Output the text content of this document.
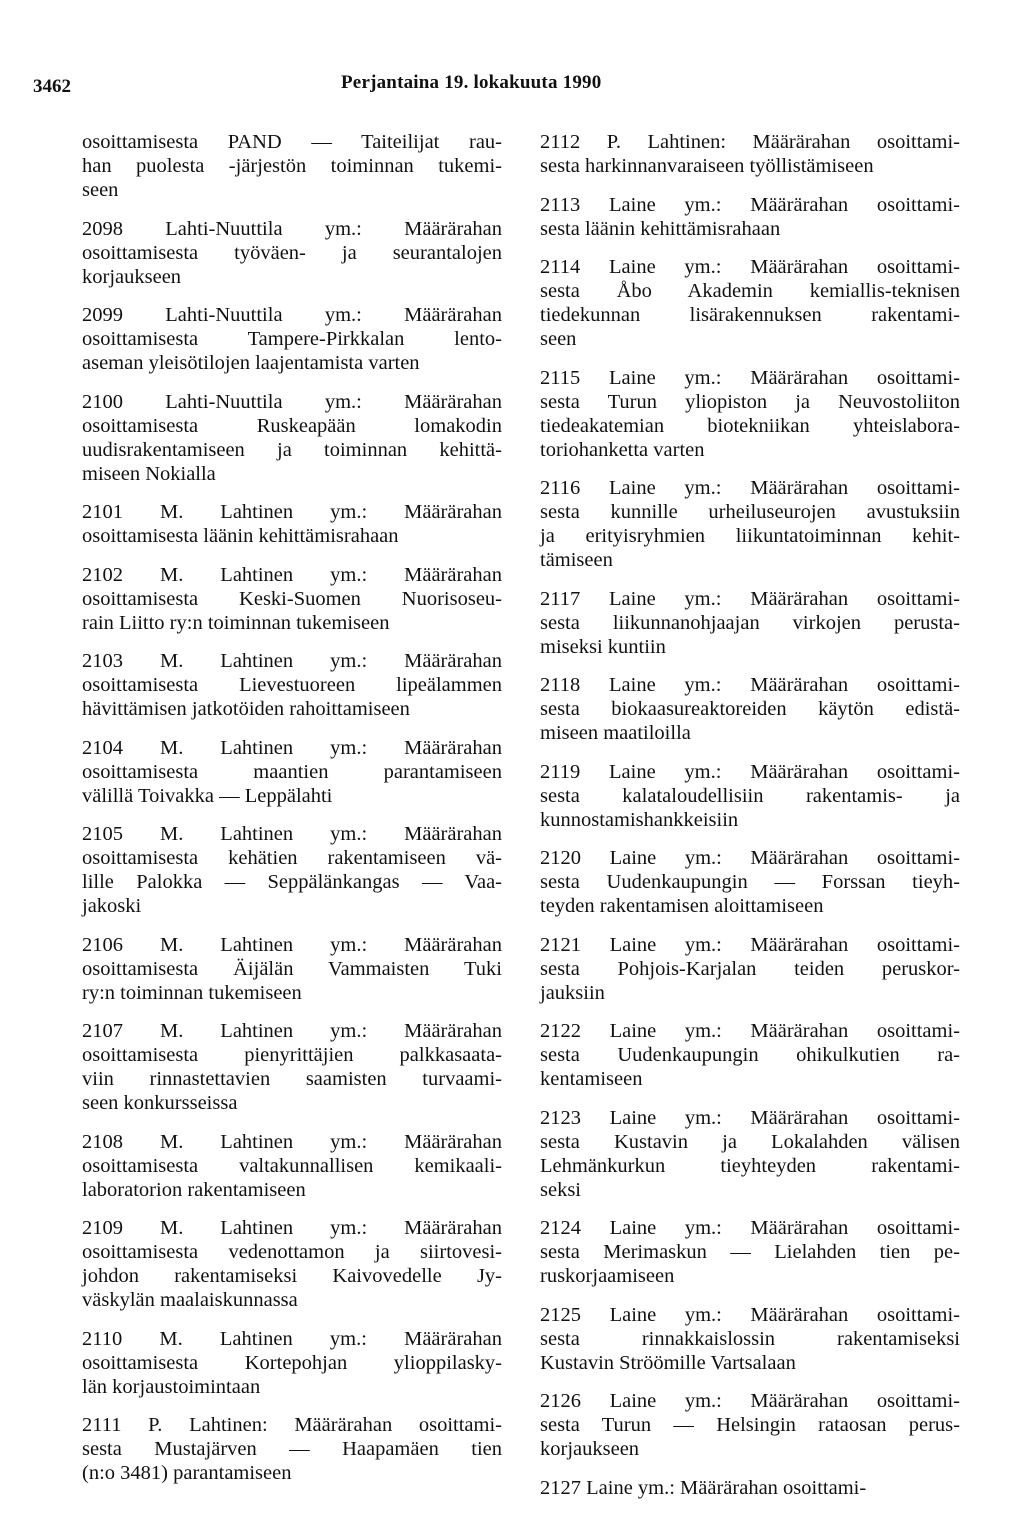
3462	Perjantaina 19. lokakuuta 1990
osoittamisesta PAND — Taiteilijat rau-
han puolesta -järjestön toiminnan tukemi-
seen
2098 Lahti-Nuuttila ym.: Määrärahan
osoittamisesta työväen- ja seurantalojen
korjaukseen
2099 Lahti-Nuuttila ym.: Määrärahan
osoittamisesta Tampere-Pirkkalan lento-
aseman yleisötilojen laajentamista varten
2100 Lahti-Nuuttila ym.: Määrärahan
osoittamisesta Ruskeapään lomakodin
uudisrakentamiseen ja toiminnan kehittä-
miseen Nokialla
2101 M. Lahtinen ym.: Määrärahan
osoittamisesta läänin kehittämisrahaan
2102 M. Lahtinen ym.: Määrärahan
osoittamisesta Keski-Suomen Nuorisoseu-
rain Liitto ry:n toiminnan tukemiseen
2103 M. Lahtinen ym.: Määrärahan
osoittamisesta Lievestuoreen lipeälammen
hävittämisen jatkotöiden rahoittamiseen
2104 M. Lahtinen ym.: Määrärahan
osoittamisesta maantien parantamiseen
välillä Toivakka — Leppälahti
2105 M. Lahtinen ym.: Määrärahan
osoittamisesta kehätien rakentamiseen vä-
lille Palokka — Seppälänkangas — Vaa-
jakoski
2106 M. Lahtinen ym.: Määrärahan
osoittamisesta Äijälän Vammaisten Tuki
ry:n toiminnan tukemiseen
2107 M. Lahtinen ym.: Määrärahan
osoittamisesta pienyrittäjien palkkasaata-
viin rinnastettavien saamisten turvaami-
seen konkursseissa
2108 M. Lahtinen ym.: Määrärahan
osoittamisesta valtakunnallisen kemikaali-
laboratorion rakentamiseen
2109 M. Lahtinen ym.: Määrärahan
osoittamisesta vedenottamon ja siirtovesi-
johdon rakentamiseksi Kaivovedelle Jy-
väskylän maalaiskunnassa
2110 M. Lahtinen ym.: Määrärahan
osoittamisesta Kortepohjan ylioppilasky-
län korjaustoimintaan
2111 P. Lahtinen: Määrärahan osoittami-
sesta Mustajärven — Haapamäen tien
(n:o 3481) parantamiseen
2112 P. Lahtinen: Määrärahan osoittami-
sesta harkinnanvaraiseen työllistämiseen
2113 Laine ym.: Määrärahan osoittami-
sesta läänin kehittämisrahaan
2114 Laine ym.: Määrärahan osoittami-
sesta Åbo Akademin kemiallis-teknisen
tiedekunnan lisärakennuksen rakentami-
seen
2115 Laine ym.: Määrärahan osoittami-
sesta Turun yliopiston ja Neuvostoliiton
tiedeakatemian biotekniikan yhteislabora-
toriohanketta varten
2116 Laine ym.: Määrärahan osoittami-
sesta kunnille urheiluseurojen avustuksiin
ja erityisryhmien liikuntatoiminnan kehit-
tämiseen
2117 Laine ym.: Määrärahan osoittami-
sesta liikunnanohjaajan virkojen perusta-
miseksi kuntiin
2118 Laine ym.: Määrärahan osoittami-
sesta biokaasureaktoreiden käytön edistä-
miseen maatiloilla
2119 Laine ym.: Määrärahan osoittami-
sesta kalataloudellisiin rakentamis- ja
kunnostamishankkeisiin
2120 Laine ym.: Määrärahan osoittami-
sesta Uudenkaupungin — Forssan tieyh-
teyden rakentamisen aloittamiseen
2121 Laine ym.: Määrärahan osoittami-
sesta Pohjois-Karjalan teiden peruskor-
jauksiin
2122 Laine ym.: Määrärahan osoittami-
sesta Uudenkaupungin ohikulkutien ra-
kentamiseen
2123 Laine ym.: Määrärahan osoittami-
sesta Kustavin ja Lokalahden välisen
Lehmänkurkun tieyhteyden rakentami-
seksi
2124 Laine ym.: Määrärahan osoittami-
sesta Merimaskun — Lielahden tien pe-
ruskorjaamiseen
2125 Laine ym.: Määrärahan osoittami-
sesta rinnakkaislossin rakentamiseksi
Kustavin Ströömille Vartsalaan
2126 Laine ym.: Määrärahan osoittami-
sesta Turun — Helsingin rataosan perus-
korjaukseen
2127 Laine ym.: Määrärahan osoittami-
